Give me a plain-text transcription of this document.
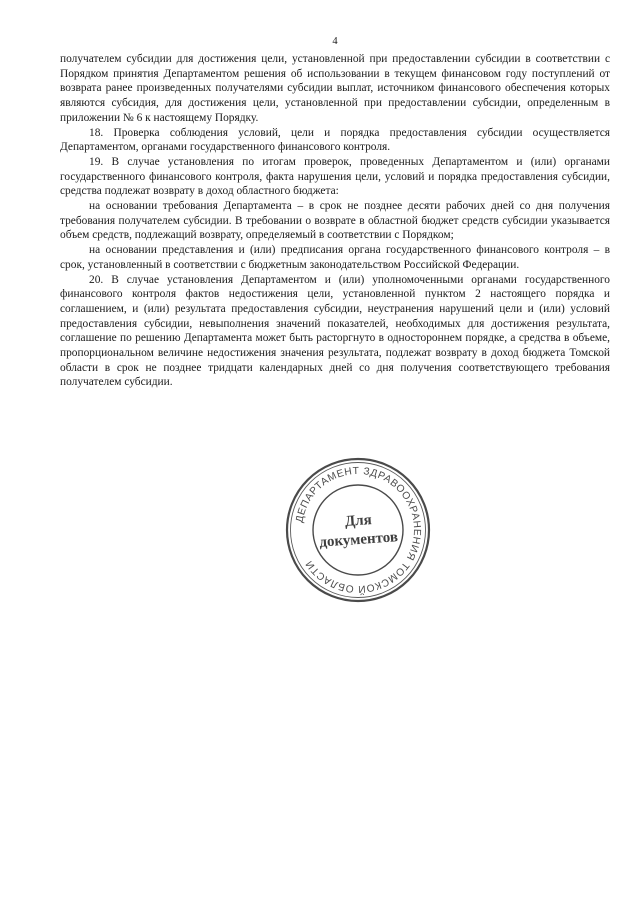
4

получателем субсидии для достижения цели, установленной при предоставлении субсидии в соответствии с Порядком принятия Департаментом решения об использовании в текущем финансовом году поступлений от возврата ранее произведенных получателями субсидии выплат, источником финансового обеспечения которых являются субсидия, для достижения цели, установленной при предоставлении субсидии, определенным в приложении № 6 к настоящему Порядку.

18. Проверка соблюдения условий, цели и порядка предоставления субсидии осуществляется Департаментом, органами государственного финансового контроля.

19. В случае установления по итогам проверок, проведенных Департаментом и (или) органами государственного финансового контроля, факта нарушения цели, условий и порядка предоставления субсидии, средства подлежат возврату в доход областного бюджета:

на основании требования Департамента – в срок не позднее десяти рабочих дней со дня получения требования получателем субсидии. В требовании о возврате в областной бюджет средств субсидии указывается объем средств, подлежащий возврату, определяемый в соответствии с Порядком;

на основании представления и (или) предписания органа государственного финансового контроля – в срок, установленный в соответствии с бюджетным законодательством Российской Федерации.

20. В случае установления Департаментом и (или) уполномоченными органами государственного финансового контроля фактов недостижения цели, установленной пунктом 2 настоящего порядка и соглашением, и (или) результата предоставления субсидии, неустранения нарушений цели и (или) условий предоставления субсидии, невыполнения значений показателей, необходимых для достижения результата, соглашение по решению Департамента может быть расторгнуто в одностороннем порядке, а средства в объеме, пропорциональном величине недостижения значения результата, подлежат возврату в доход бюджета Томской области в срок не позднее тридцати календарных дней со дня получения соответствующего требования получателем субсидии.

ДЕПАРТАМЕНТ ЗДРАВООХРАНЕНИЯ ТОМСКОЙ ОБЛАСТИ
Для
документов
